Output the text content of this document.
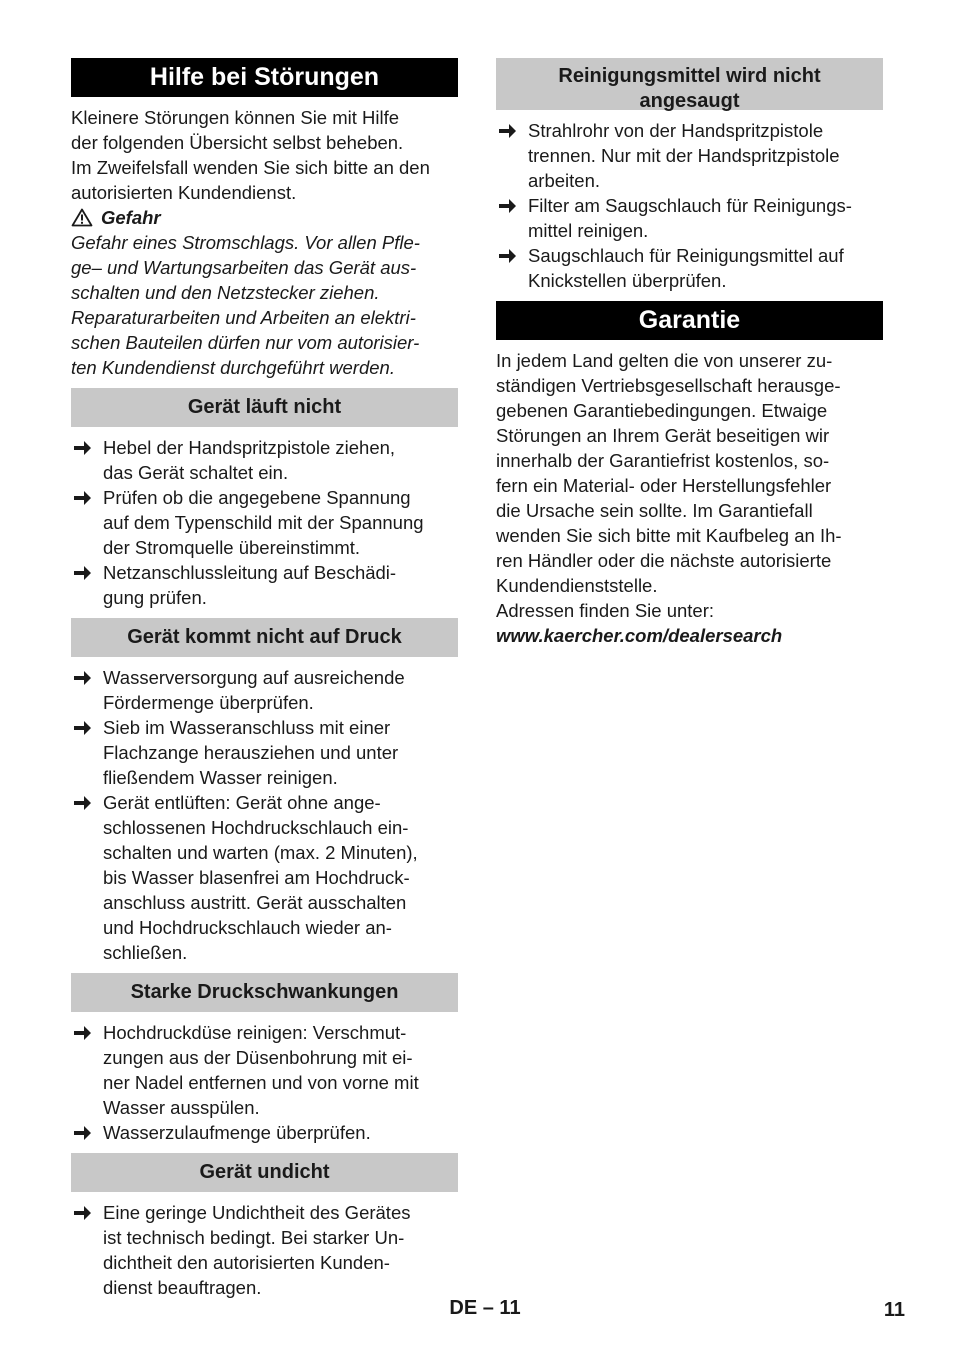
Hilfe bei Störungen

Kleinere Störungen können Sie mit Hilfe
der folgenden Übersicht selbst beheben.
Im Zweifelsfall wenden Sie sich bitte an den
autorisierten Kundendienst.

Gefahr

Gefahr eines Stromschlags. Vor allen Pfle-
ge– und Wartungsarbeiten das Gerät aus-
schalten und den Netzstecker ziehen.
Reparaturarbeiten und Arbeiten an elektri-
schen Bauteilen dürfen nur vom autorisier-
ten Kundendienst durchgeführt werden.

Gerät läuft nicht
Hebel der Handspritzpistole ziehen,
das Gerät schaltet ein.
Prüfen ob die angegebene Spannung
auf dem Typenschild mit der Spannung
der Stromquelle übereinstimmt.
Netzanschlussleitung auf Beschädi-
gung prüfen.
Gerät kommt nicht auf Druck
Wasserversorgung auf ausreichende
Fördermenge überprüfen.
Sieb im Wasseranschluss mit einer
Flachzange herausziehen und unter
fließendem Wasser reinigen.
Gerät entlüften: Gerät ohne ange-
schlossenen Hochdruckschlauch ein-
schalten und warten (max. 2 Minuten),
bis Wasser blasenfrei am Hochdruck-
anschluss austritt. Gerät ausschalten
und Hochdruckschlauch wieder an-
schließen.
Starke Druckschwankungen
Hochdruckdüse reinigen: Verschmut-
zungen aus der Düsenbohrung mit ei-
ner Nadel entfernen und von vorne mit
Wasser ausspülen.
Wasserzulaufmenge überprüfen.
Gerät undicht
Eine geringe Undichtheit des Gerätes
ist technisch bedingt. Bei starker Un-
dichtheit den autorisierten Kunden-
dienst beauftragen.
Reinigungsmittel wird nicht
angesaugt
Strahlrohr von der Handspritzpistole
trennen. Nur mit der Handspritzpistole
arbeiten.
Filter am Saugschlauch für Reinigungs-
mittel reinigen.
Saugschlauch für Reinigungsmittel auf
Knickstellen überprüfen.
Garantie

In jedem Land gelten die von unserer zu-
ständigen Vertriebsgesellschaft herausge-
gebenen Garantiebedingungen. Etwaige
Störungen an Ihrem Gerät beseitigen wir
innerhalb der Garantiefrist kostenlos, so-
fern ein Material- oder Herstellungsfehler
die Ursache sein sollte. Im Garantiefall
wenden Sie sich bitte mit Kaufbeleg an Ih-
ren Händler oder die nächste autorisierte
Kundendienststelle.

Adressen finden Sie unter:

www.kaercher.com/dealersearch

DE – 11	11
